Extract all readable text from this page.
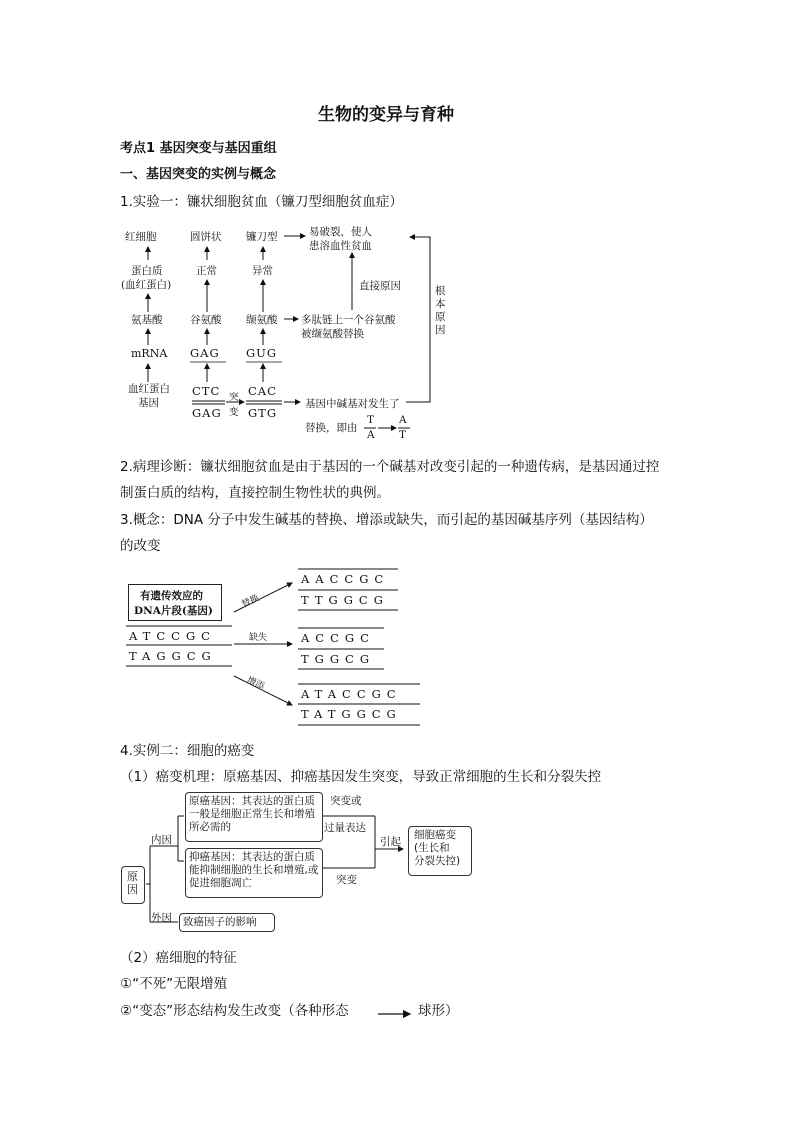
生物的变异与育种
考点1 基因突变与基因重组
一、基因突变的实例与概念
1.实验一：镰状细胞贫血（镰刀型细胞贫血症）
红细胞	圆饼状 镰刀型
蛋白质
(血红蛋白)
正常	异常
氨基酸	谷氨酸 缬氨酸
mRNA GAG GUG
血红蛋白
基因
CTC
GAG
CAC
GTG
突
变
易破裂，使人
患溶血性贫血
直接原因
多肽链上一个谷氨酸
被缬氨酸替换
根本原因
基因中碱基对发生了
替换，即由
T
A
A
T
2.病理诊断：镰状细胞贫血是由于基因的一个碱基对改变引起的一种遗传病，是基因通过控
制蛋白质的结构，直接控制生物性状的典例。
3.概念：DNA 分子中发生碱基的替换、增添或缺失，而引起的基因碱基序列（基因结构）
的改变
有遗传效应的
DNA片段(基因)
ATCCGC
TAGGCG
替换
缺失
增添
AACCGC
TTGGCG
ACCGC
TGGCG
ATACCGC
TATGGCG
4.实例二：细胞的癌变
（1）癌变机理：原癌基因、抑癌基因发生突变，导致正常细胞的生长和分裂失控
原
因
内因
外因
原癌基因：其表达的蛋白质一般是细胞正常生长和增殖所必需的
抑癌基因：其表达的蛋白质能抑制细胞的生长和增殖,或促进细胞凋亡
致癌因子的影响
突变或
过量表达
突变
引起
细胞癌变
(生长和
分裂失控)
（2）癌细胞的特征
①“不死”无限增殖
②“变态”形态结构发生改变（各种形态	球形）
